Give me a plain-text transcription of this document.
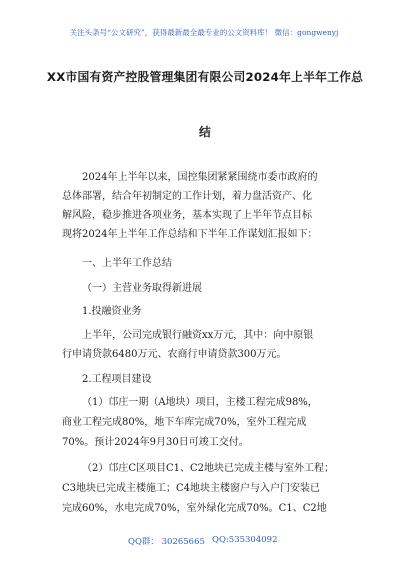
关注头条号“公文研究”，获得最新最全最专业的公文资料库！ 微信：gongwenyj
XX市国有资产控股管理集团有限公司2024年上半年工作总
结
2024年上半年以来，国控集团紧紧围绕市委市政府的
总体部署，结合年初制定的工作计划，着力盘活资产、化
解风险，稳步推进各项业务，基本实现了上半年节点目标
现将2024年上半年工作总结和下半年工作谋划汇报如下：
一、上半年工作总结
（一）主营业务取得新进展
1.投融资业务
上半年，公司完成银行融资xx万元，其中：向中原银
行申请贷款6480万元、农商行申请贷款300万元。
2.工程项目建设
（1）邙庄一期（A地块）项目，主楼工程完成98%，
商业工程完成80%，地下车库完成70%，室外工程完成
70%。预计2024年9月30日可竣工交付。
（2）邙庄C区项目C1、C2地块已完成主楼与室外工程；
C3地块已完成主楼施工；C4地块主楼窗户与入户门安装已
完成60%，水电完成70%，室外绿化完成70%。C1、C2地
QQ群： 30265665 QQ:535304092
